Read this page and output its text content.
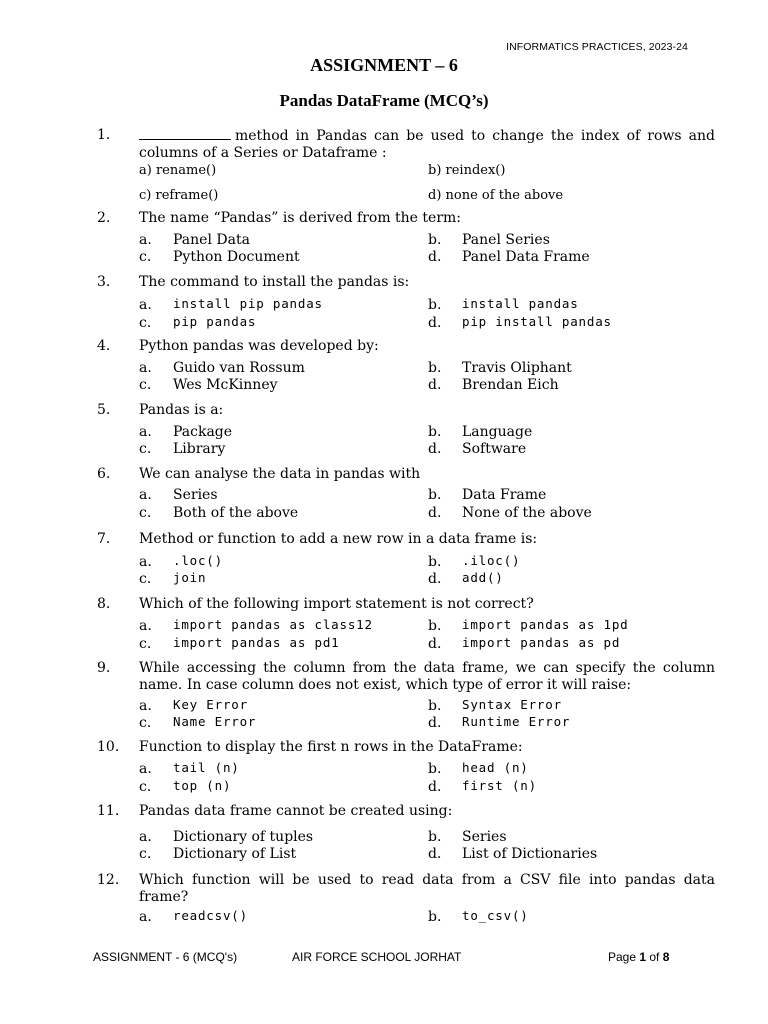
INFORMATICS PRACTICES, 2023-24
ASSIGNMENT – 6
Pandas DataFrame (MCQ’s)
1.	method in Pandas can be used to change the index of rows and columns of a Series or Dataframe :
a) rename()	b) reindex()
c) reframe()	d) none of the above
2. The name “Pandas” is derived from the term:
a. Panel Data	b. Panel Series
c. Python Document	d. Panel Data Frame
3. The command to install the pandas is:
a. install pip pandas	b. install pandas
c. pip pandas	d. pip install pandas
4. Python pandas was developed by:
a. Guido van Rossum	b. Travis Oliphant
c. Wes McKinney	d. Brendan Eich
5. Pandas is a:
a. Package	b. Language
c. Library	d. Software
6. We can analyse the data in pandas with
a. Series	b. Data Frame
c. Both of the above	d. None of the above
7. Method or function to add a new row in a data frame is:
a. .loc()	b. .iloc()
c. join	d. add()
8. Which of the following import statement is not correct?
a. import pandas as class12	b. import pandas as 1pd
c. import pandas as pd1	d. import pandas as pd
9. While accessing the column from the data frame, we can specify the column name. In case column does not exist, which type of error it will raise:
a. Key Error	b. Syntax Error
c. Name Error	d. Runtime Error
10. Function to display the first n rows in the DataFrame:
a. tail (n)	b. head (n)
c. top (n)	d. first (n)
11. Pandas data frame cannot be created using:
a. Dictionary of tuples	b. Series
c. Dictionary of List	d. List of Dictionaries
12. Which function will be used to read data from a CSV file into pandas data frame?
a. readcsv()	b. to_csv()
ASSIGNMENT - 6 (MCQ's)	AIR FORCE SCHOOL JORHAT	Page 1 of 8
